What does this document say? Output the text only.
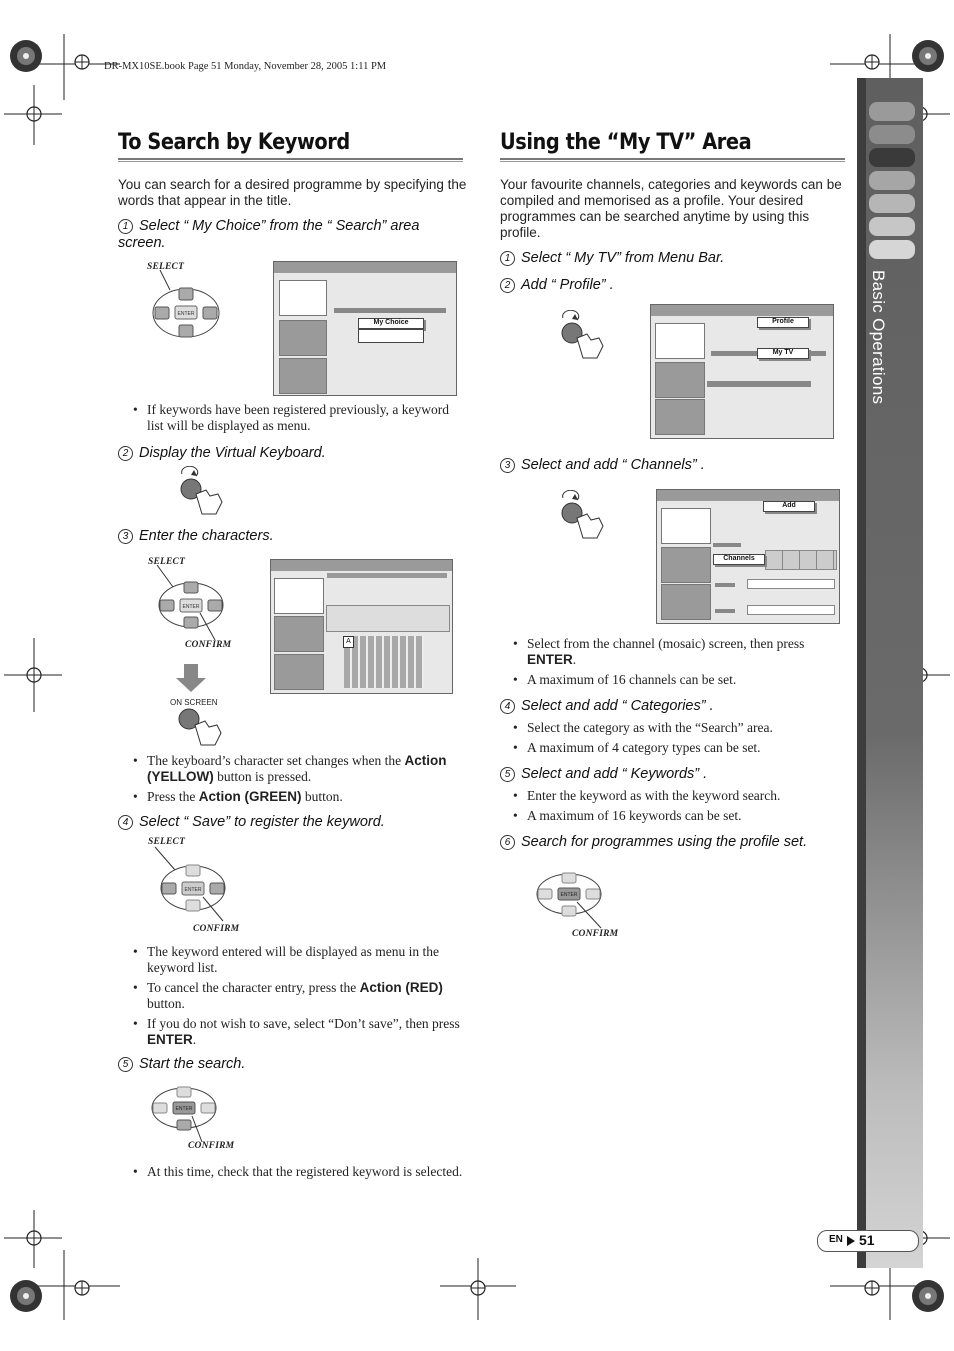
DR-MX10SE.book Page 51 Monday, November 28, 2005 1:11 PM
Basic Operations
EN 51
To Search by Keyword
You can search for a desired programme by specifying the words that appear in the title.
1 Select “ My Choice” from the “ Search” area screen.
SELECT
ENTER
My Choice
• If keywords have been registered previously, a keyword list will be displayed as menu.
2 Display the Virtual Keyboard.
3 Enter the characters.
SELECT
ENTER
CONFIRM
ON SCREEN
A
• The keyboard’s character set changes when the Action (YELLOW) button is pressed.
• Press the Action (GREEN) button.
4 Select “ Save” to register the keyword.
SELECT
ENTER
CONFIRM
• The keyword entered will be displayed as menu in the keyword list.
• To cancel the character entry, press the Action (RED) button.
• If you do not wish to save, select “Don’t save”, then press ENTER.
5 Start the search.
ENTER
CONFIRM
• At this time, check that the registered keyword is selected.
Using the “My TV” Area
Your favourite channels, categories and keywords can be compiled and memorised as a profile. Your desired programmes can be searched anytime by using this profile.
1 Select “ My TV” from Menu Bar.
2 Add “ Profile” .
Profile
My TV
3 Select and add “ Channels” .
Add
Channels
• Select from the channel (mosaic) screen, then press ENTER.
• A maximum of 16 channels can be set.
4 Select and add “ Categories” .
• Select the category as with the “Search” area.
• A maximum of 4 category types can be set.
5 Select and add “ Keywords” .
• Enter the keyword as with the keyword search.
• A maximum of 16 keywords can be set.
6 Search for programmes using the profile set.
ENTER
CONFIRM
